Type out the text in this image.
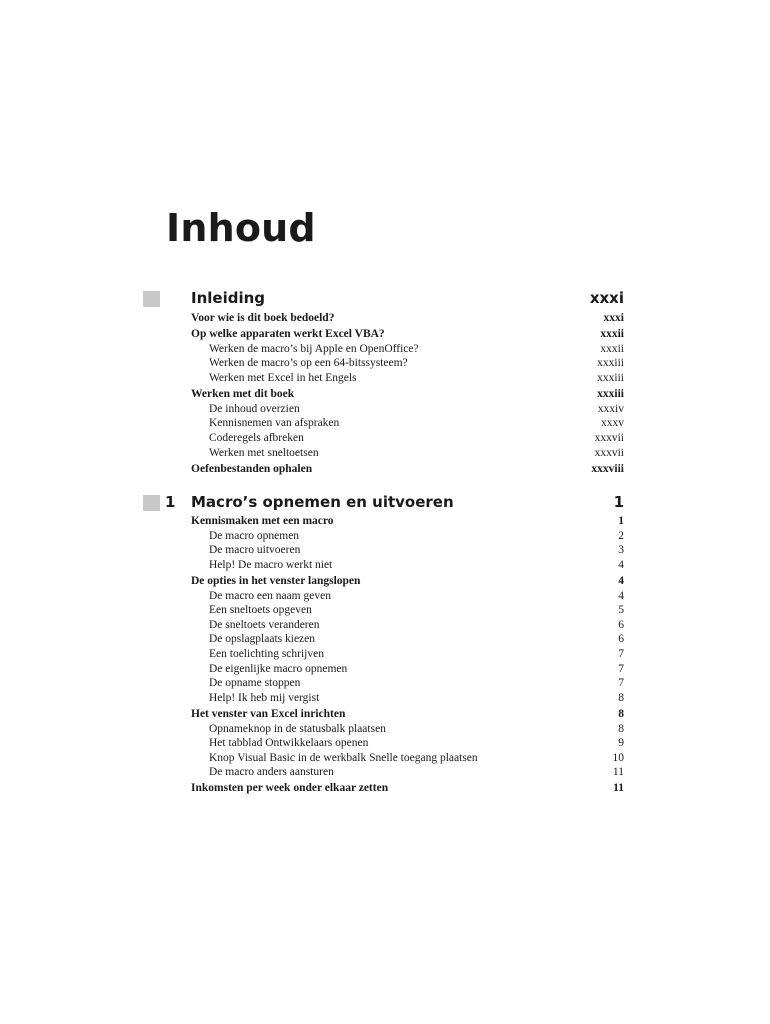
Inhoud
Inleiding	xxxi
Voor wie is dit boek bedoeld?	xxxi
Op welke apparaten werkt Excel VBA?	xxxii
Werken de macro’s bij Apple en OpenOffice?	xxxii
Werken de macro’s op een 64-bitssysteem?	xxxiii
Werken met Excel in het Engels	xxxiii
Werken met dit boek	xxxiii
De inhoud overzien	xxxiv
Kennisnemen van afspraken	xxxv
Coderegels afbreken	xxxvii
Werken met sneltoetsen	xxxvii
Oefenbestanden ophalen	xxxviii
1 Macro’s opnemen en uitvoeren	1
Kennismaken met een macro	1
De macro opnemen	2
De macro uitvoeren	3
Help! De macro werkt niet	4
De opties in het venster langslopen	4
De macro een naam geven	4
Een sneltoets opgeven	5
De sneltoets veranderen	6
De opslagplaats kiezen	6
Een toelichting schrijven	7
De eigenlijke macro opnemen	7
De opname stoppen	7
Help! Ik heb mij vergist	8
Het venster van Excel inrichten	8
Opnameknop in de statusbalk plaatsen	8
Het tabblad Ontwikkelaars openen	9
Knop Visual Basic in de werkbalk Snelle toegang plaatsen	10
De macro anders aansturen	11
Inkomsten per week onder elkaar zetten	11
